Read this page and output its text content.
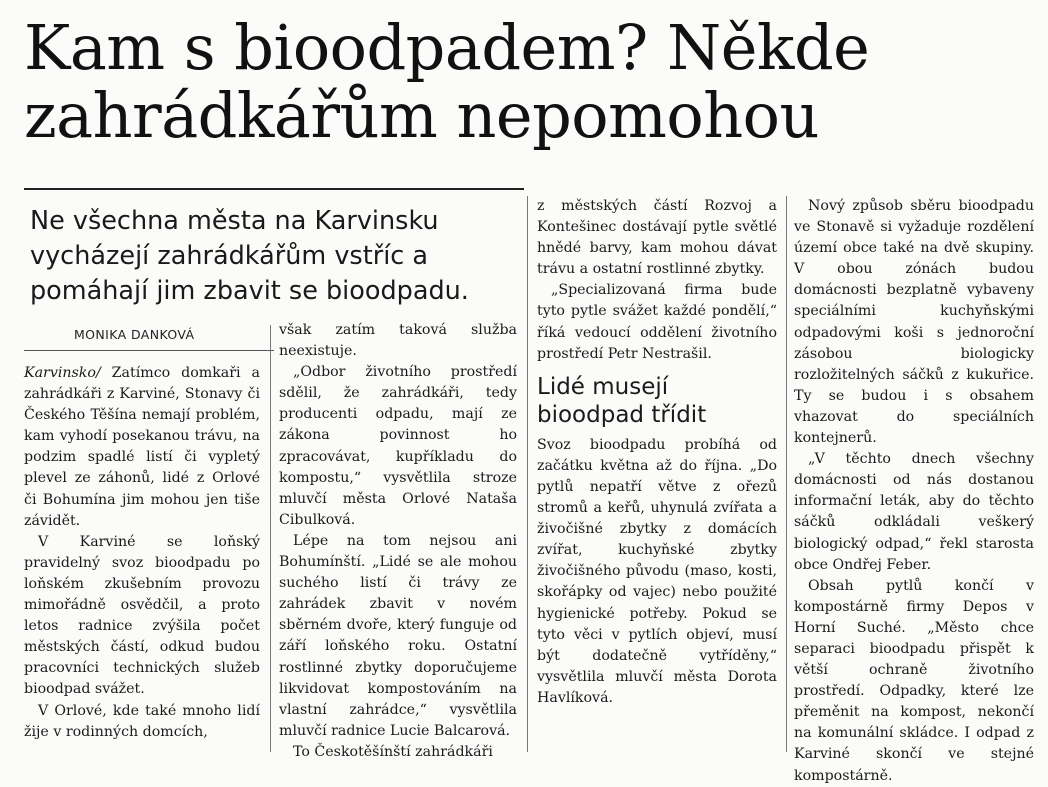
Kam s bioodpadem? Někde zahrádkářům nepomohou

Ne všechna města na Karvinsku vycházejí zahrádkářům vstříc a pomáhají jim zbavit se bioodpadu.

MONIKA DANKOVÁ

Karvinsko/ Zatímco domkaři a zahrádkáři z Karviné, Stonavy či Českého Těšína nemají problém, kam vyhodí posekanou trávu, na podzim spadlé listí či vypletý plevel ze záhonů, lidé z Orlové či Bohumína jim mohou jen tiše závidět.

V Karviné se loňský pravidelný svoz bioodpadu po loňském zkušebním provozu mimořádně osvědčil, a proto letos radnice zvýšila počet městských částí, odkud budou pracovníci technických služeb bioodpad svážet.

V Orlové, kde také mnoho lidí žije v rodinných domcích,

však zatím taková služba neexistuje.

„Odbor životního prostředí sdělil, že zahrádkáři, tedy producenti odpadu, mají ze zákona povinnost ho zpracovávat, kupříkladu do kompostu,“ vysvětlila stroze mluvčí města Orlové Nataša Cibulková.

Lépe na tom nejsou ani Bohumínští. „Lidé se ale mohou suchého listí či trávy ze zahrádek zbavit v novém sběrném dvoře, který funguje od září loňského roku. Ostatní rostlinné zbytky doporučujeme likvidovat kompostováním na vlastní zahrádce,“ vysvětlila mluvčí radnice Lucie Balcarová.

To Českotěšínští zahrádkáři

z městských částí Rozvoj a Kontešinec dostávají pytle světlé hnědé barvy, kam mohou dávat trávu a ostatní rostlinné zbytky.

„Specializovaná firma bude tyto pytle svážet každé pondělí,“ říká vedoucí oddělení životního prostředí Petr Nestrašil.

Lidé musejí bioodpad třídit

Svoz bioodpadu probíhá od začátku května až do října. „Do pytlů nepatří větve z ořezů stromů a keřů, uhynulá zvířata a živočišné zbytky z domácích zvířat, kuchyňské zbytky živočišného původu (maso, kosti, skořápky od vajec) nebo použité hygienické potřeby. Pokud se tyto věci v pytlích objeví, musí být dodatečně vytříděny,“ vysvětlila mluvčí města Dorota Havlíková.

Nový způsob sběru bioodpadu ve Stonavě si vyžaduje rozdělení území obce také na dvě skupiny. V obou zónách budou domácnosti bezplatně vybaveny speciálními kuchyňskými odpadovými koši s jednoroční zásobou biologicky rozložitelných sáčků z kukuřice. Ty se budou i s obsahem vhazovat do speciálních kontejnerů.

„V těchto dnech všechny domácnosti od nás dostanou informační leták, aby do těchto sáčků odkládali veškerý biologický odpad,“ řekl starosta obce Ondřej Feber.

Obsah pytlů končí v kompostárně firmy Depos v Horní Suché. „Město chce separaci bioodpadu přispět k větší ochraně životního prostředí. Odpadky, které lze přeměnit na kompost, nekončí na komunální skládce. I odpad z Karviné skončí ve stejné kompostárně.
